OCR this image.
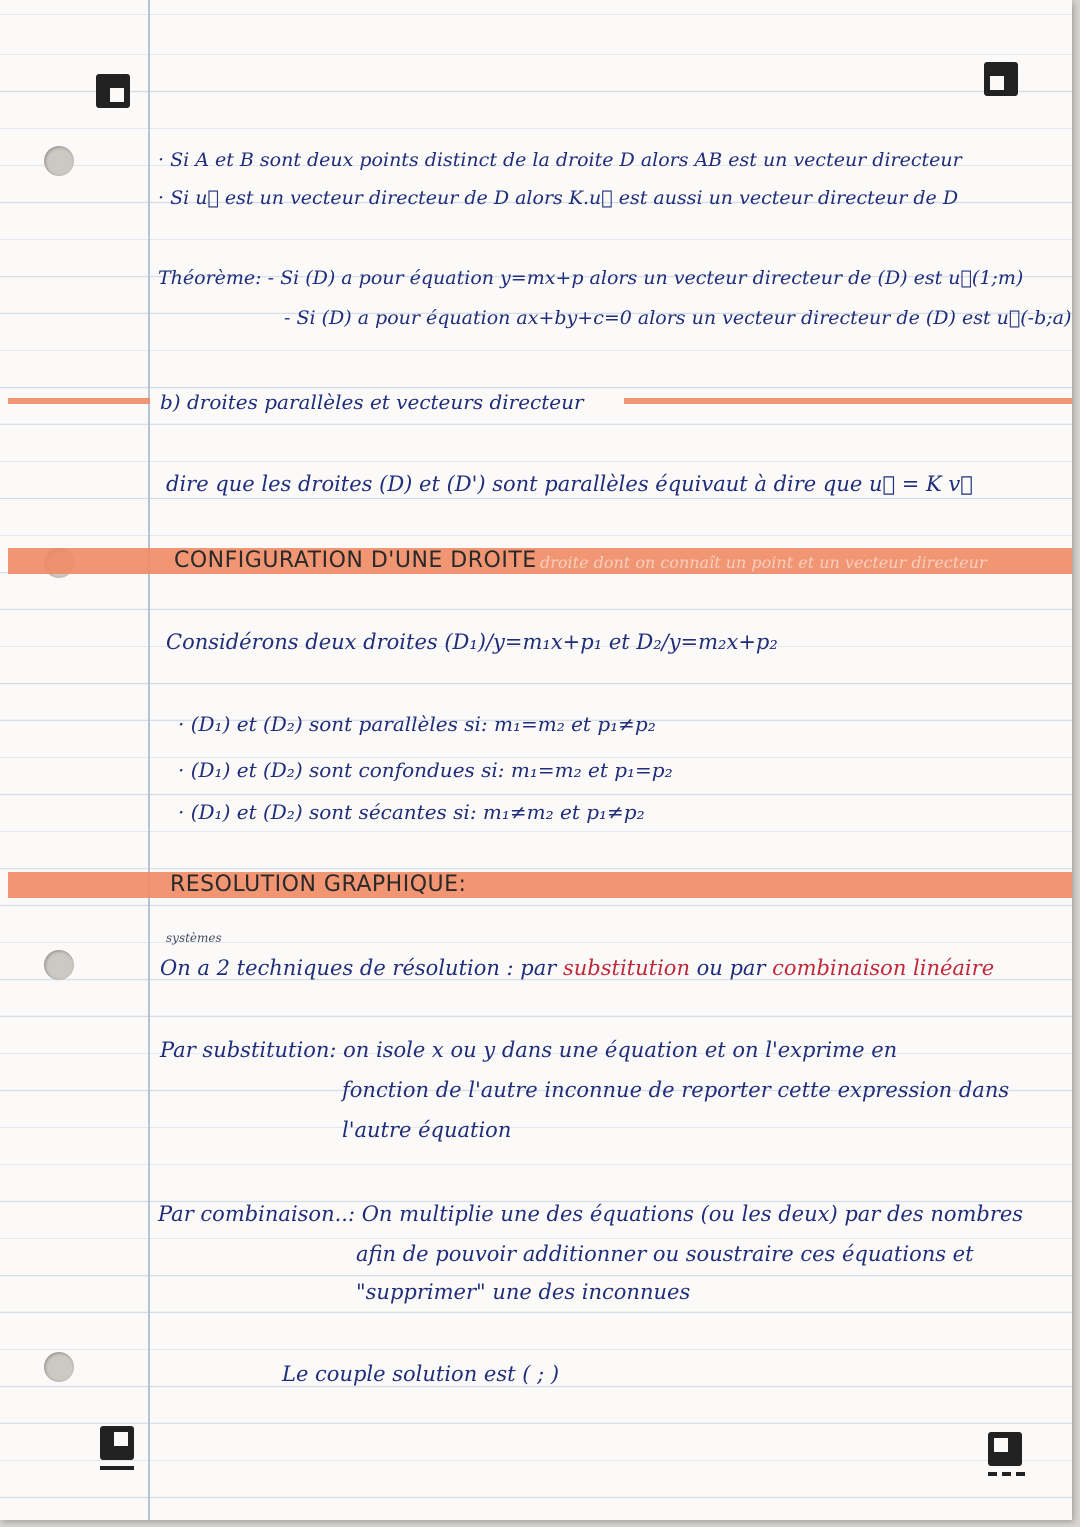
· Si A et B sont deux points distinct de la droite D alors AB est un vecteur directeur
· Si u⃗ est un vecteur directeur de D alors K.u⃗ est aussi un vecteur directeur de D
Théorème: - Si (D) a pour équation y=mx+p alors un vecteur directeur de (D) est u⃗(1;m)
- Si (D) a pour équation ax+by+c=0 alors un vecteur directeur de (D) est u⃗(-b;a)
b) droites parallèles et vecteurs directeur
dire que les droites (D) et (D') sont parallèles équivaut à dire que u⃗ = K v⃗
CONFIGURATION D'UNE DROITE droite dont on connaît un point et un vecteur directeur
Considérons deux droites (D₁)/y=m₁x+p₁ et D₂/y=m₂x+p₂
· (D₁) et (D₂) sont parallèles si: m₁=m₂ et p₁≠p₂
· (D₁) et (D₂) sont confondues si: m₁=m₂ et p₁=p₂
· (D₁) et (D₂) sont sécantes si: m₁≠m₂ et p₁≠p₂
RESOLUTION GRAPHIQUE:
systèmes
On a 2 techniques de résolution : par substitution ou par combinaison linéaire
Par substitution: on isole x ou y dans une équation et on l'exprime en
fonction de l'autre inconnue de reporter cette expression dans
l'autre équation
Par combinaison..: On multiplie une des équations (ou les deux) par des nombres
afin de pouvoir additionner ou soustraire ces équations et
"supprimer" une des inconnues
Le couple solution est ( ; )
